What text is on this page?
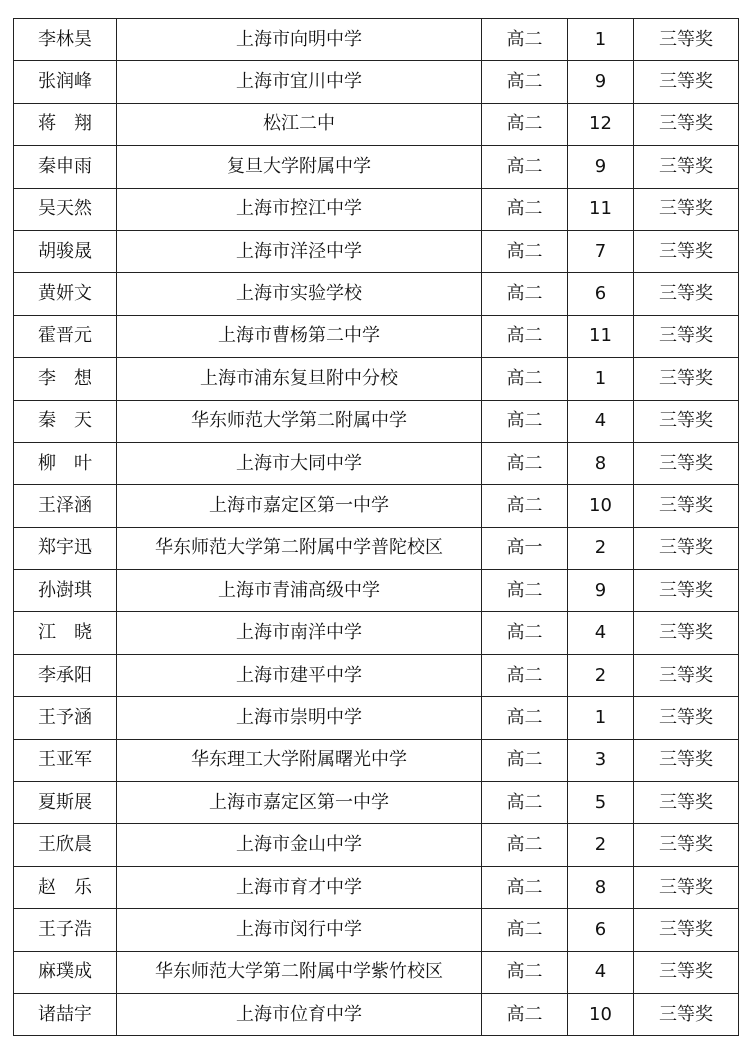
李林昊	上海市向明中学	高二	1	三等奖
张润峰	上海市宜川中学	高二	9	三等奖
蒋　翔	松江二中	高二	12	三等奖
秦申雨	复旦大学附属中学	高二	9	三等奖
吴天然	上海市控江中学	高二	11	三等奖
胡骏晟	上海市洋泾中学	高二	7	三等奖
黄妍文	上海市实验学校	高二	6	三等奖
霍晋元	上海市曹杨第二中学	高二	11	三等奖
李　想	上海市浦东复旦附中分校	高二	1	三等奖
秦　天	华东师范大学第二附属中学	高二	4	三等奖
柳　叶	上海市大同中学	高二	8	三等奖
王泽涵	上海市嘉定区第一中学	高二	10	三等奖
郑宇迅	华东师范大学第二附属中学普陀校区	高一	2	三等奖
孙澍琪	上海市青浦高级中学	高二	9	三等奖
江　晓	上海市南洋中学	高二	4	三等奖
李承阳	上海市建平中学	高二	2	三等奖
王予涵	上海市崇明中学	高二	1	三等奖
王亚军	华东理工大学附属曙光中学	高二	3	三等奖
夏斯展	上海市嘉定区第一中学	高二	5	三等奖
王欣晨	上海市金山中学	高二	2	三等奖
赵　乐	上海市育才中学	高二	8	三等奖
王子浩	上海市闵行中学	高二	6	三等奖
麻璞成	华东师范大学第二附属中学紫竹校区	高二	4	三等奖
诸喆宇	上海市位育中学	高二	10	三等奖
